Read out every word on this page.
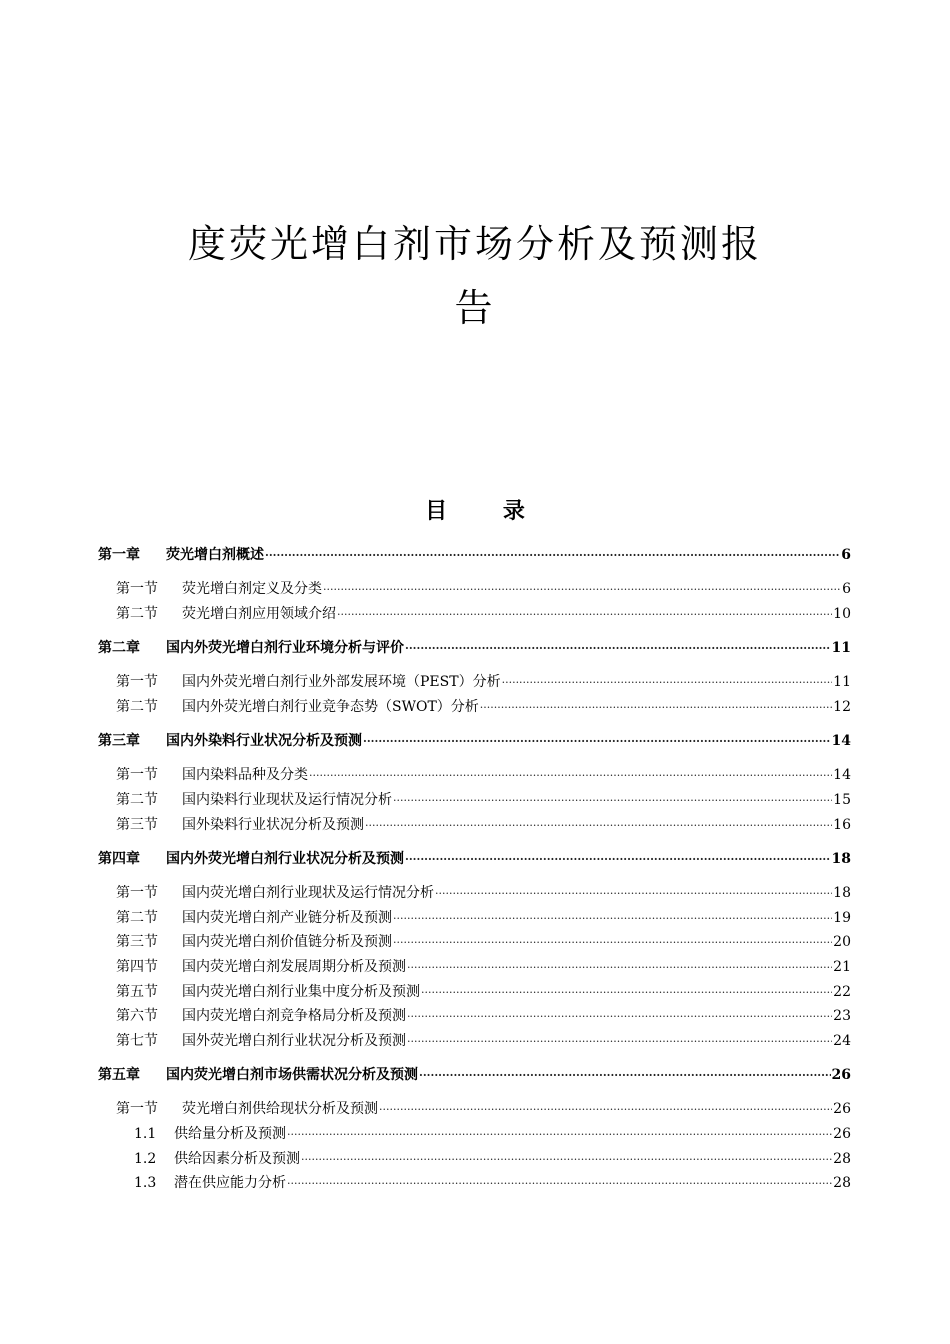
度荧光增白剂市场分析及预测报
告
目 录
第一章 荧光增白剂概述 ·····	6
第一节 荧光增白剂定义及分类 ·····	6
第二节 荧光增白剂应用领域介绍 ·····	10
第二章 国内外荧光增白剂行业环境分析与评价 ·····	11
第一节 国内外荧光增白剂行业外部发展环境（PEST）分析 ·····	11
第二节 国内外荧光增白剂行业竞争态势（SWOT）分析 ·····	12
第三章 国内外染料行业状况分析及预测 ·····	14
第一节 国内染料品种及分类 ·····	14
第二节 国内染料行业现状及运行情况分析 ·····	15
第三节 国外染料行业状况分析及预测 ·····	16
第四章 国内外荧光增白剂行业状况分析及预测 ·····	18
第一节 国内荧光增白剂行业现状及运行情况分析 ·····	18
第二节 国内荧光增白剂产业链分析及预测 ·····	19
第三节 国内荧光增白剂价值链分析及预测 ·····	20
第四节 国内荧光增白剂发展周期分析及预测 ·····	21
第五节 国内荧光增白剂行业集中度分析及预测 ·····	22
第六节 国内荧光增白剂竞争格局分析及预测 ·····	23
第七节 国外荧光增白剂行业状况分析及预测 ·····	24
第五章 国内荧光增白剂市场供需状况分析及预测 ·····	26
第一节 荧光增白剂供给现状分析及预测 ·····	26
1.1 供给量分析及预测 ·····	26
1.2 供给因素分析及预测 ·····	28
1.3 潜在供应能力分析 ·····	28
